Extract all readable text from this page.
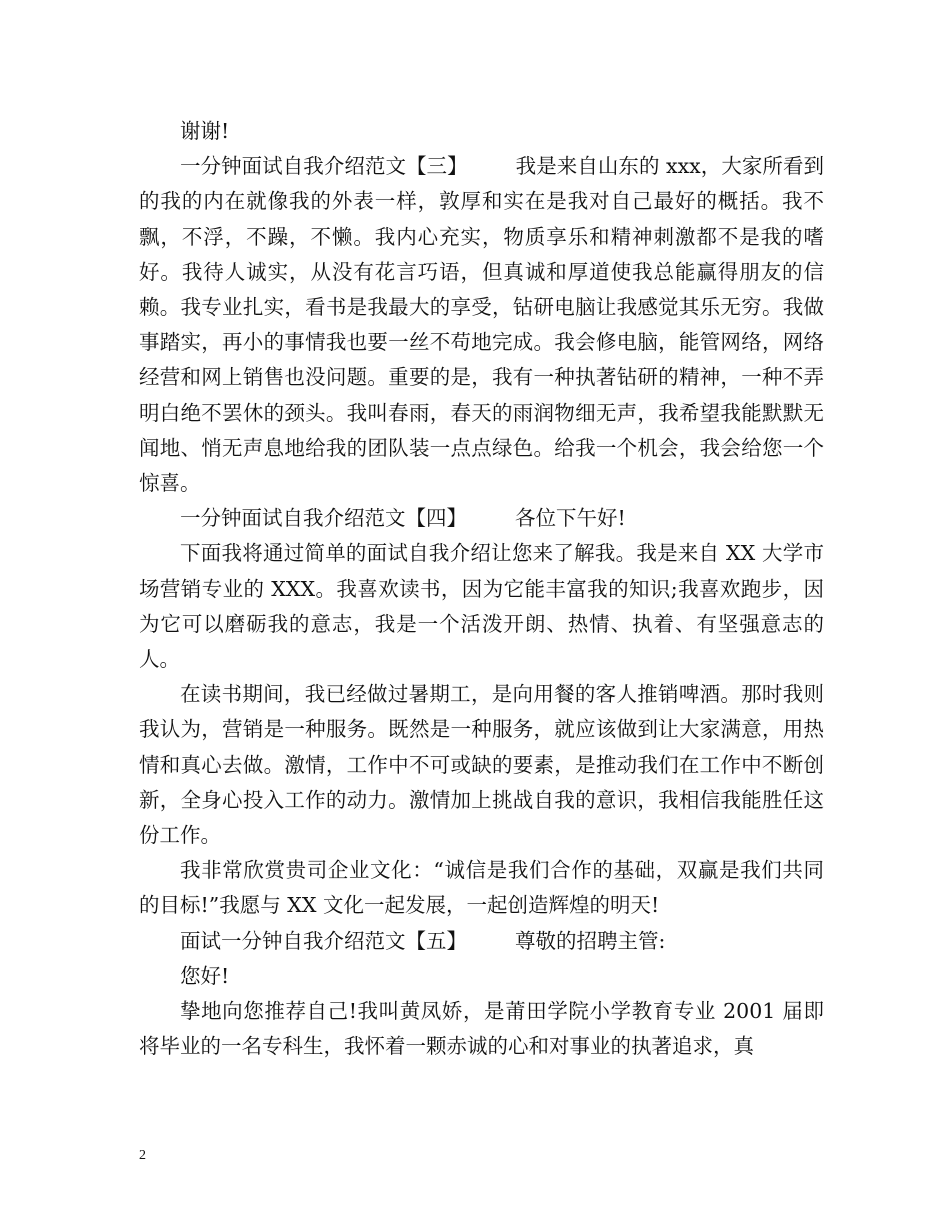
谢谢!

一分钟面试自我介绍范文【三】 我是来自山东的 xxx，大家所看到的我的内在就像我的外表一样，敦厚和实在是我对自己最好的概括。我不飘，不浮，不躁，不懒。我内心充实，物质享乐和精神刺激都不是我的嗜好。我待人诚实，从没有花言巧语，但真诚和厚道使我总能赢得朋友的信赖。我专业扎实，看书是我最大的享受，钻研电脑让我感觉其乐无穷。我做事踏实，再小的事情我也要一丝不苟地完成。我会修电脑，能管网络，网络经营和网上销售也没问题。重要的是，我有一种执著钻研的精神，一种不弄明白绝不罢休的颈头。我叫春雨，春天的雨润物细无声，我希望我能默默无闻地、悄无声息地给我的团队装一点点绿色。给我一个机会，我会给您一个惊喜。

一分钟面试自我介绍范文【四】 各位下午好!

下面我将通过简单的面试自我介绍让您来了解我。我是来自 XX 大学市场营销专业的 XXX。我喜欢读书，因为它能丰富我的知识;我喜欢跑步，因为它可以磨砺我的意志，我是一个活泼开朗、热情、执着、有坚强意志的人。

在读书期间，我已经做过暑期工，是向用餐的客人推销啤酒。那时我则我认为，营销是一种服务。既然是一种服务，就应该做到让大家满意，用热情和真心去做。激情，工作中不可或缺的要素，是推动我们在工作中不断创新，全身心投入工作的动力。激情加上挑战自我的意识，我相信我能胜任这份工作。

我非常欣赏贵司企业文化：“诚信是我们合作的基础，双赢是我们共同的目标!”我愿与 XX 文化一起发展，一起创造辉煌的明天!

面试一分钟自我介绍范文【五】 尊敬的招聘主管:

您好!

挚地向您推荐自己!我叫黄凤娇，是莆田学院小学教育专业 2001 届即将毕业的一名专科生，我怀着一颗赤诚的心和对事业的执著追求，真

2
